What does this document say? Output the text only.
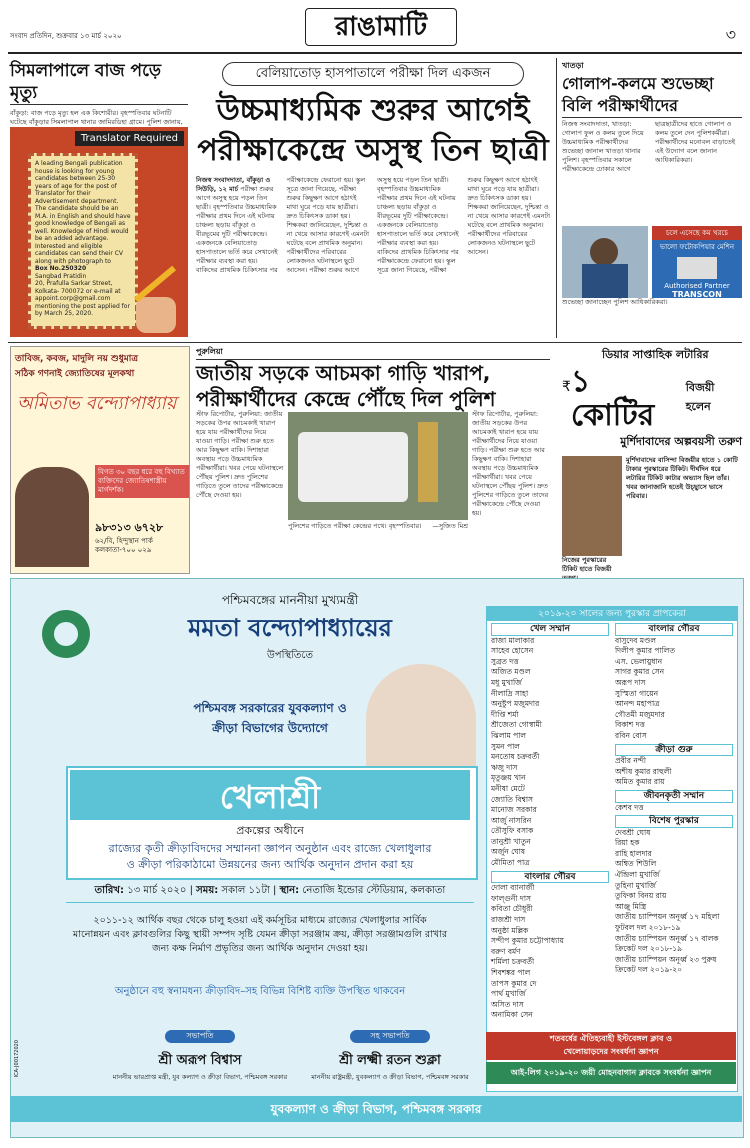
সংবাদ প্রতিদিন, শুক্রবার ১৩ মার্চ ২০২০	রাঙামাটি	৩
সিমলাপালে বাজ পড়ে মৃত্যু
বাঁকুড়া: বাজ পড়ে মৃত্যু হল এক কিশোরীর। বৃহস্পতিবার ঘটনাটি ঘটেছে বাঁকুড়ার সিমলাপাল থানার জামিরডিহা গ্রামে। পুলিশ জানায়,
Translator Required
A leading Bengali publication house is looking for young candidates between 25-30 years of age for the post of Translator for their Advertisement department. The candidate should be an M.A. in English and should have good knowledge of Bengali as well. Knowledge of Hindi would be an added advantage. Interested and eligible candidates can send their CV along with photograph to
Box No.250320
Sangbad Pratidin
20, Prafulla Sarkar Street,
Kolkata- 700072 or e-mail at
appoint.corp@gmail.com
mentioning the post applied for
by March 25, 2020.
বেলিয়াতোড় হাসপাতালে পরীক্ষা দিল একজন
উচ্চমাধ্যমিক শুরুর আগেই
পরীক্ষাকেন্দ্রে অসুস্থ তিন ছাত্রী
নিজস্ব সংবাদদাতা, বাঁকুড়া ও সিউড়ি, ১২ মার্চ পরীক্ষা শুরুর আগে অসুস্থ হয়ে পড়ল তিন ছাত্রী। বৃহস্পতিবার উচ্চমাধ্যমিক পরীক্ষার প্রথম দিনে এই ঘটনায় চাঞ্চল্য ছড়ায় বাঁকুড়া ও বীরভূমের দুটি পরীক্ষাকেন্দ্রে। একজনকে বেলিয়াতোড় হাসপাতালে ভর্তি করে সেখানেই পরীক্ষার ব্যবস্থা করা হয়। বাকিদের প্রাথমিক চিকিৎসার পর পরীক্ষাকেন্দ্রে ফেরানো হয়। স্কুল সূত্রে জানা গিয়েছে, পরীক্ষা শুরুর কিছুক্ষণ আগে হঠাৎই মাথা ঘুরে পড়ে যায় ছাত্রীরা। দ্রুত চিকিৎসক ডাকা হয়। শিক্ষকরা জানিয়েছেন, দুশ্চিন্তা ও না খেয়ে আসার কারণেই এমনটা ঘটেছে বলে প্রাথমিক অনুমান। পরীক্ষার্থীদের পরিবারের লোকজনও ঘটনাস্থলে ছুটে আসেন। পরীক্ষা শুরুর আগে অসুস্থ হয়ে পড়ল তিন ছাত্রী। বৃহস্পতিবার উচ্চমাধ্যমিক পরীক্ষার প্রথম দিনে এই ঘটনায় চাঞ্চল্য ছড়ায় বাঁকুড়া ও বীরভূমের দুটি পরীক্ষাকেন্দ্রে। একজনকে বেলিয়াতোড় হাসপাতালে ভর্তি করে সেখানেই পরীক্ষার ব্যবস্থা করা হয়। বাকিদের প্রাথমিক চিকিৎসার পর পরীক্ষাকেন্দ্রে ফেরানো হয়। স্কুল সূত্রে জানা গিয়েছে, পরীক্ষা শুরুর কিছুক্ষণ আগে হঠাৎই মাথা ঘুরে পড়ে যায় ছাত্রীরা। দ্রুত চিকিৎসক ডাকা হয়। শিক্ষকরা জানিয়েছেন, দুশ্চিন্তা ও না খেয়ে আসার কারণেই এমনটা ঘটেছে বলে প্রাথমিক অনুমান। পরীক্ষার্থীদের পরিবারের লোকজনও ঘটনাস্থলে ছুটে আসেন।
খাতড়া
গোলাপ-কলমে শুভেচ্ছা
বিলি পরীক্ষার্থীদের
নিজস্ব সংবাদদাতা, খাতড়া: গোলাপ ফুল ও কলম তুলে দিয়ে উচ্চমাধ্যমিক পরীক্ষার্থীদের শুভেচ্ছা জানাল খাতড়া থানার পুলিশ। বৃহস্পতিবার সকালে পরীক্ষাকেন্দ্রে ঢোকার আগে ছাত্রছাত্রীদের হাতে গোলাপ ও কলম তুলে দেন পুলিশকর্মীরা। পরীক্ষার্থীদের মনোবল বাড়াতেই এই উদ্যোগ বলে জানান আধিকারিকরা।
চলে এসেছে কম খরচে
ভালো ফটোকপিয়ার মেশিন
Authorised Partner
TRANSCON
94339 64940 / 98313 07045
শুভেচ্ছা জানাচ্ছেন পুলিশ আধিকারিকরা।
তাবিজ, কবজ, মাদুলি নয় শুধুমাত্র
সঠিক গণনাই জ্যোতিষের মূলকথা
অমিতাভ বন্দ্যোপাধ্যায়
বিগত ৩০ বছর ধরে বহু বিখ্যাত ব্যক্তিদের জ্যোতিষশাস্ত্রীয় মার্গদর্শক।
৯৮৩১৩ ৬৭২৮
৬২/বি, হিন্দুস্থান পার্ক কলকাতা-৭০০ ০২৯
পুরুলিয়া
জাতীয় সড়কে আচমকা গাড়ি খারাপ,
পরীক্ষার্থীদের কেন্দ্রে পৌঁছে দিল পুলিশ
স্টাফ রিপোর্টার, পুরুলিয়া: জাতীয় সড়কের উপর আচমকাই খারাপ হয়ে যায় পরীক্ষার্থীদের নিয়ে যাওয়া গাড়ি। পরীক্ষা শুরু হতে আর কিছুক্ষণ বাকি। দিশাহারা অবস্থায় পড়ে উচ্চমাধ্যমিক পরীক্ষার্থীরা। খবর পেয়ে ঘটনাস্থলে পৌঁছয় পুলিশ। দ্রুত পুলিশের গাড়িতে তুলে তাদের পরীক্ষাকেন্দ্রে পৌঁছে দেওয়া হয়।
পুলিশের গাড়িতে পরীক্ষা কেন্দ্রের পথে। বৃহস্পতিবার। —সুজিত মিশ্র
স্টাফ রিপোর্টার, পুরুলিয়া: জাতীয় সড়কের উপর আচমকাই খারাপ হয়ে যায় পরীক্ষার্থীদের নিয়ে যাওয়া গাড়ি। পরীক্ষা শুরু হতে আর কিছুক্ষণ বাকি। দিশাহারা অবস্থায় পড়ে উচ্চমাধ্যমিক পরীক্ষার্থীরা। খবর পেয়ে ঘটনাস্থলে পৌঁছয় পুলিশ। দ্রুত পুলিশের গাড়িতে তুলে তাদের পরীক্ষাকেন্দ্রে পৌঁছে দেওয়া হয়।
ডিয়ার সাপ্তাহিক লটারির
₹ ১ কোটির
বিজয়ী হলেন
মুর্শিদাবাদের অল্পবয়সী তরুণ
নিজের পুরস্কারের টিকিট হাতে বিজয়ী
মুর্শিদাবাদের বাসিন্দা বিজয়ীর হাতে ১ কোটি টাকার পুরস্কারের টিকিট। দীর্ঘদিন ধরে লটারির টিকিট কাটার অভ্যাস ছিল তাঁর। খবর জানাজানি হতেই উচ্ছ্বাসে ভাসে পরিবার।
পশ্চিমবঙ্গের মাননীয়া মুখ্যমন্ত্রী
মমতা বন্দ্যোপাধ্যায়ের
উপস্থিতিতে
পশ্চিমবঙ্গ সরকারের যুবকল্যাণ ও
ক্রীড়া বিভাগের উদ্যোগে
খেলাশ্রী
প্রকল্পের অধীনে
রাজ্যের কৃতী ক্রীড়াবিদদের সম্মাননা জ্ঞাপন অনুষ্ঠান এবং রাজ্যে খেলাধুলার
ও ক্রীড়া পরিকাঠামো উন্নয়নের জন্য আর্থিক অনুদান প্রদান করা হয়
তারিখ: ১৩ মার্চ ২০২০ | সময়: সকাল ১১টা | স্থান: নেতাজি ইন্ডোর স্টেডিয়াম, কলকাতা
২০১১-১২ আর্থিক বছর থেকে চালু হওয়া এই কর্মসূচির মাধ্যমে রাজ্যের খেলাধুলার সার্বিক
মানোন্নয়ন এবং ক্লাবগুলির কিছু স্থায়ী সম্পদ সৃষ্টি যেমন ক্রীড়া সরঞ্জাম ক্রয়, ক্রীড়া সরঞ্জামগুলি রাখার
জন্য কক্ষ নির্মাণ প্রভৃতির জন্য আর্থিক অনুদান দেওয়া হয়।
অনুষ্ঠানে বহু স্বনামধন্য ক্রীড়াবিদ–সহ বিভিন্ন বিশিষ্ট ব্যক্তি উপস্থিত থাকবেন
সভাপতি
শ্রী অরূপ বিশ্বাস
মাননীয় ভারপ্রাপ্ত মন্ত্রী, যুব কল্যাণ ও ক্রীড়া বিভাগ, পশ্চিমবঙ্গ সরকার
সহ সভাপতি
শ্রী লক্ষ্মী রতন শুক্লা
মাননীয় রাষ্ট্রমন্ত্রী, যুবকল্যাণ ও ক্রীড়া বিভাগ, পশ্চিমবঙ্গ সরকার
ICA-J00172020
যুবকল্যাণ ও ক্রীড়া বিভাগ, পশ্চিমবঙ্গ সরকার
২০১৯-২০ সালের জন্য পুরস্কার প্রাপকেরা
খেল সম্মান
রাজা মালাকার
সাহেব হোসেন
সুব্রত দত্ত
অজিত মণ্ডল
মধু মুখার্জি
নীলাদ্রি সাহা
অনুষ্টুপ মজুমদার
দীপ্তি শর্মা
শ্রীজেতা গোস্বামী
ঝিলাম পাল
সুমন পাল
মনতোষ চক্রবর্তী
ঋজু দাস
মৃতুঞ্জয় খান
মনীষা মেটে
জ্যোতি বিশ্বাস
মানোজ সরকার
আর্জু নাসরিন
তৌসুফি বসাক
তানুশ্রী খাতুন
অর্জুন ঘোষ
মৌমিতা পাত্র
বাংলার গৌরব
দোলা ব্যানার্জী
ফাল্গুনী দাস
কবিতা চৌধুরী
রাজশ্রী দাস
অনুষ্ঠা মল্লিক
সন্দীপ কুমার চট্টোপাধ্যায়
বরুণ বর্মণ
শর্মিলা চক্রবর্তী
শিবশঙ্কর পাল
তাপস কুমার দে
পার্থ মুখার্জি
অসিত দাস
অনামিকা সেন
বাংলার গৌরব
বাসুদেব মণ্ডল
দিলীপ কুমার পালিত
এস. ভেলায়ুধান
সাগর কুমার সেন
অরূপ দাস
সুস্মিতা গায়েন
আনন্দ মহাপাত্র
গৌতমী মজুমদার
বিকাশ দত্ত
রবিন বোস
ক্রীড়া গুরু
প্রবীর নন্দী
অশীষ কুমার রাহুলী
অমিত কুমার রায়
জীবনকৃতী সম্মান
কেশব দত্ত
বিশেষ পুরস্কার
দেবশ্রী ঘোষ
রিয়া হক
রাহি হালদার
অম্বিত শিউলি
ঐন্দ্রিলা মুখার্জি
তুহিনা মুখার্জি
তুফিকা বিনয় রায়
আঞ্জু মিস্ত্রি
জাতীয় চ্যাম্পিয়ন অনূর্ধ্ব ১৭ মহিলা
ফুটবল দল ২০১৮-১৯
জাতীয় চ্যাম্পিয়ন অনূর্ধ্ব ১৭ বালক
ক্রিকেট দল ২০১৮-১৯
জাতীয় চ্যাম্পিয়ন অনূর্ধ্ব ২৩ পুরুষ
ক্রিকেট দল ২০১৯-২০
শতবর্ষের ঐতিহ্যবাহী ইস্টবেঙ্গল ক্লাব ও
খেলোয়াড়দের সংবর্ধনা জ্ঞাপন
আই-লিগ ২০১৯-২০ জয়ী মোহনবাগান ক্লাবকে সংবর্ধনা জ্ঞাপন
